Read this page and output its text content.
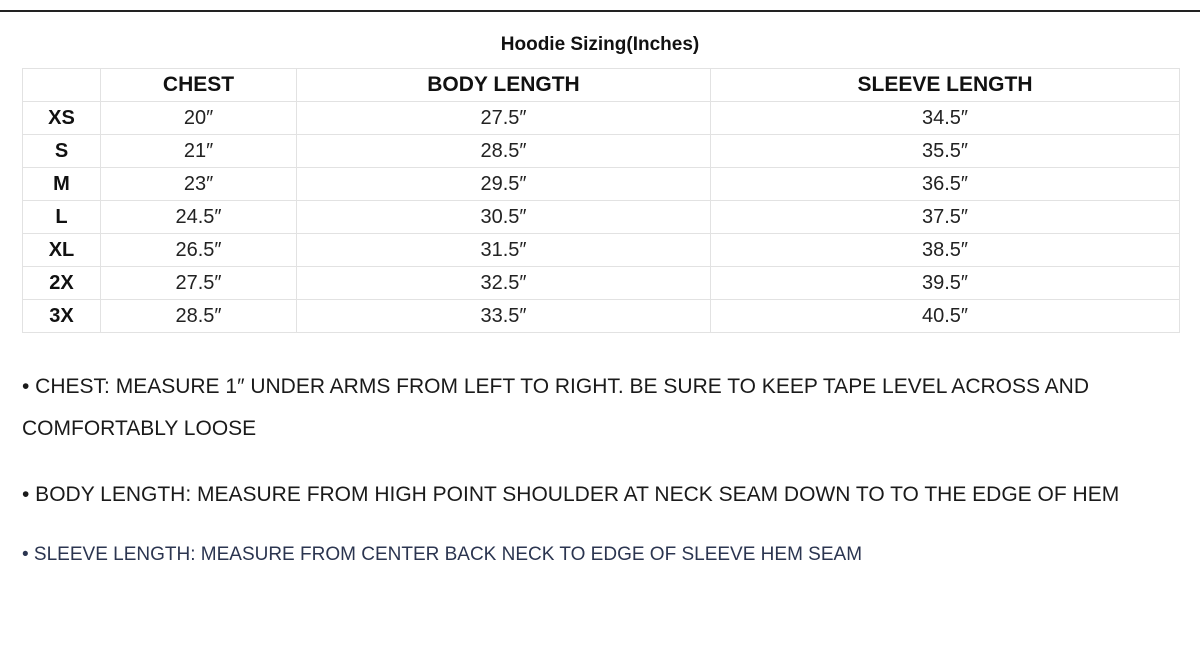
Hoodie Sizing(Inches)
	CHEST	BODY LENGTH	SLEEVE LENGTH
XS	20″	27.5″	34.5″
S	21″	28.5″	35.5″
M	23″	29.5″	36.5″
L	24.5″	30.5″	37.5″
XL	26.5″	31.5″	38.5″
2X	27.5″	32.5″	39.5″
3X	28.5″	33.5″	40.5″
• CHEST: MEASURE 1″ UNDER ARMS FROM LEFT TO RIGHT. BE SURE TO KEEP TAPE LEVEL ACROSS AND COMFORTABLY LOOSE
• BODY LENGTH: MEASURE FROM HIGH POINT SHOULDER AT NECK SEAM DOWN TO TO THE EDGE OF HEM
• SLEEVE LENGTH: MEASURE FROM CENTER BACK NECK TO EDGE OF SLEEVE HEM SEAM
